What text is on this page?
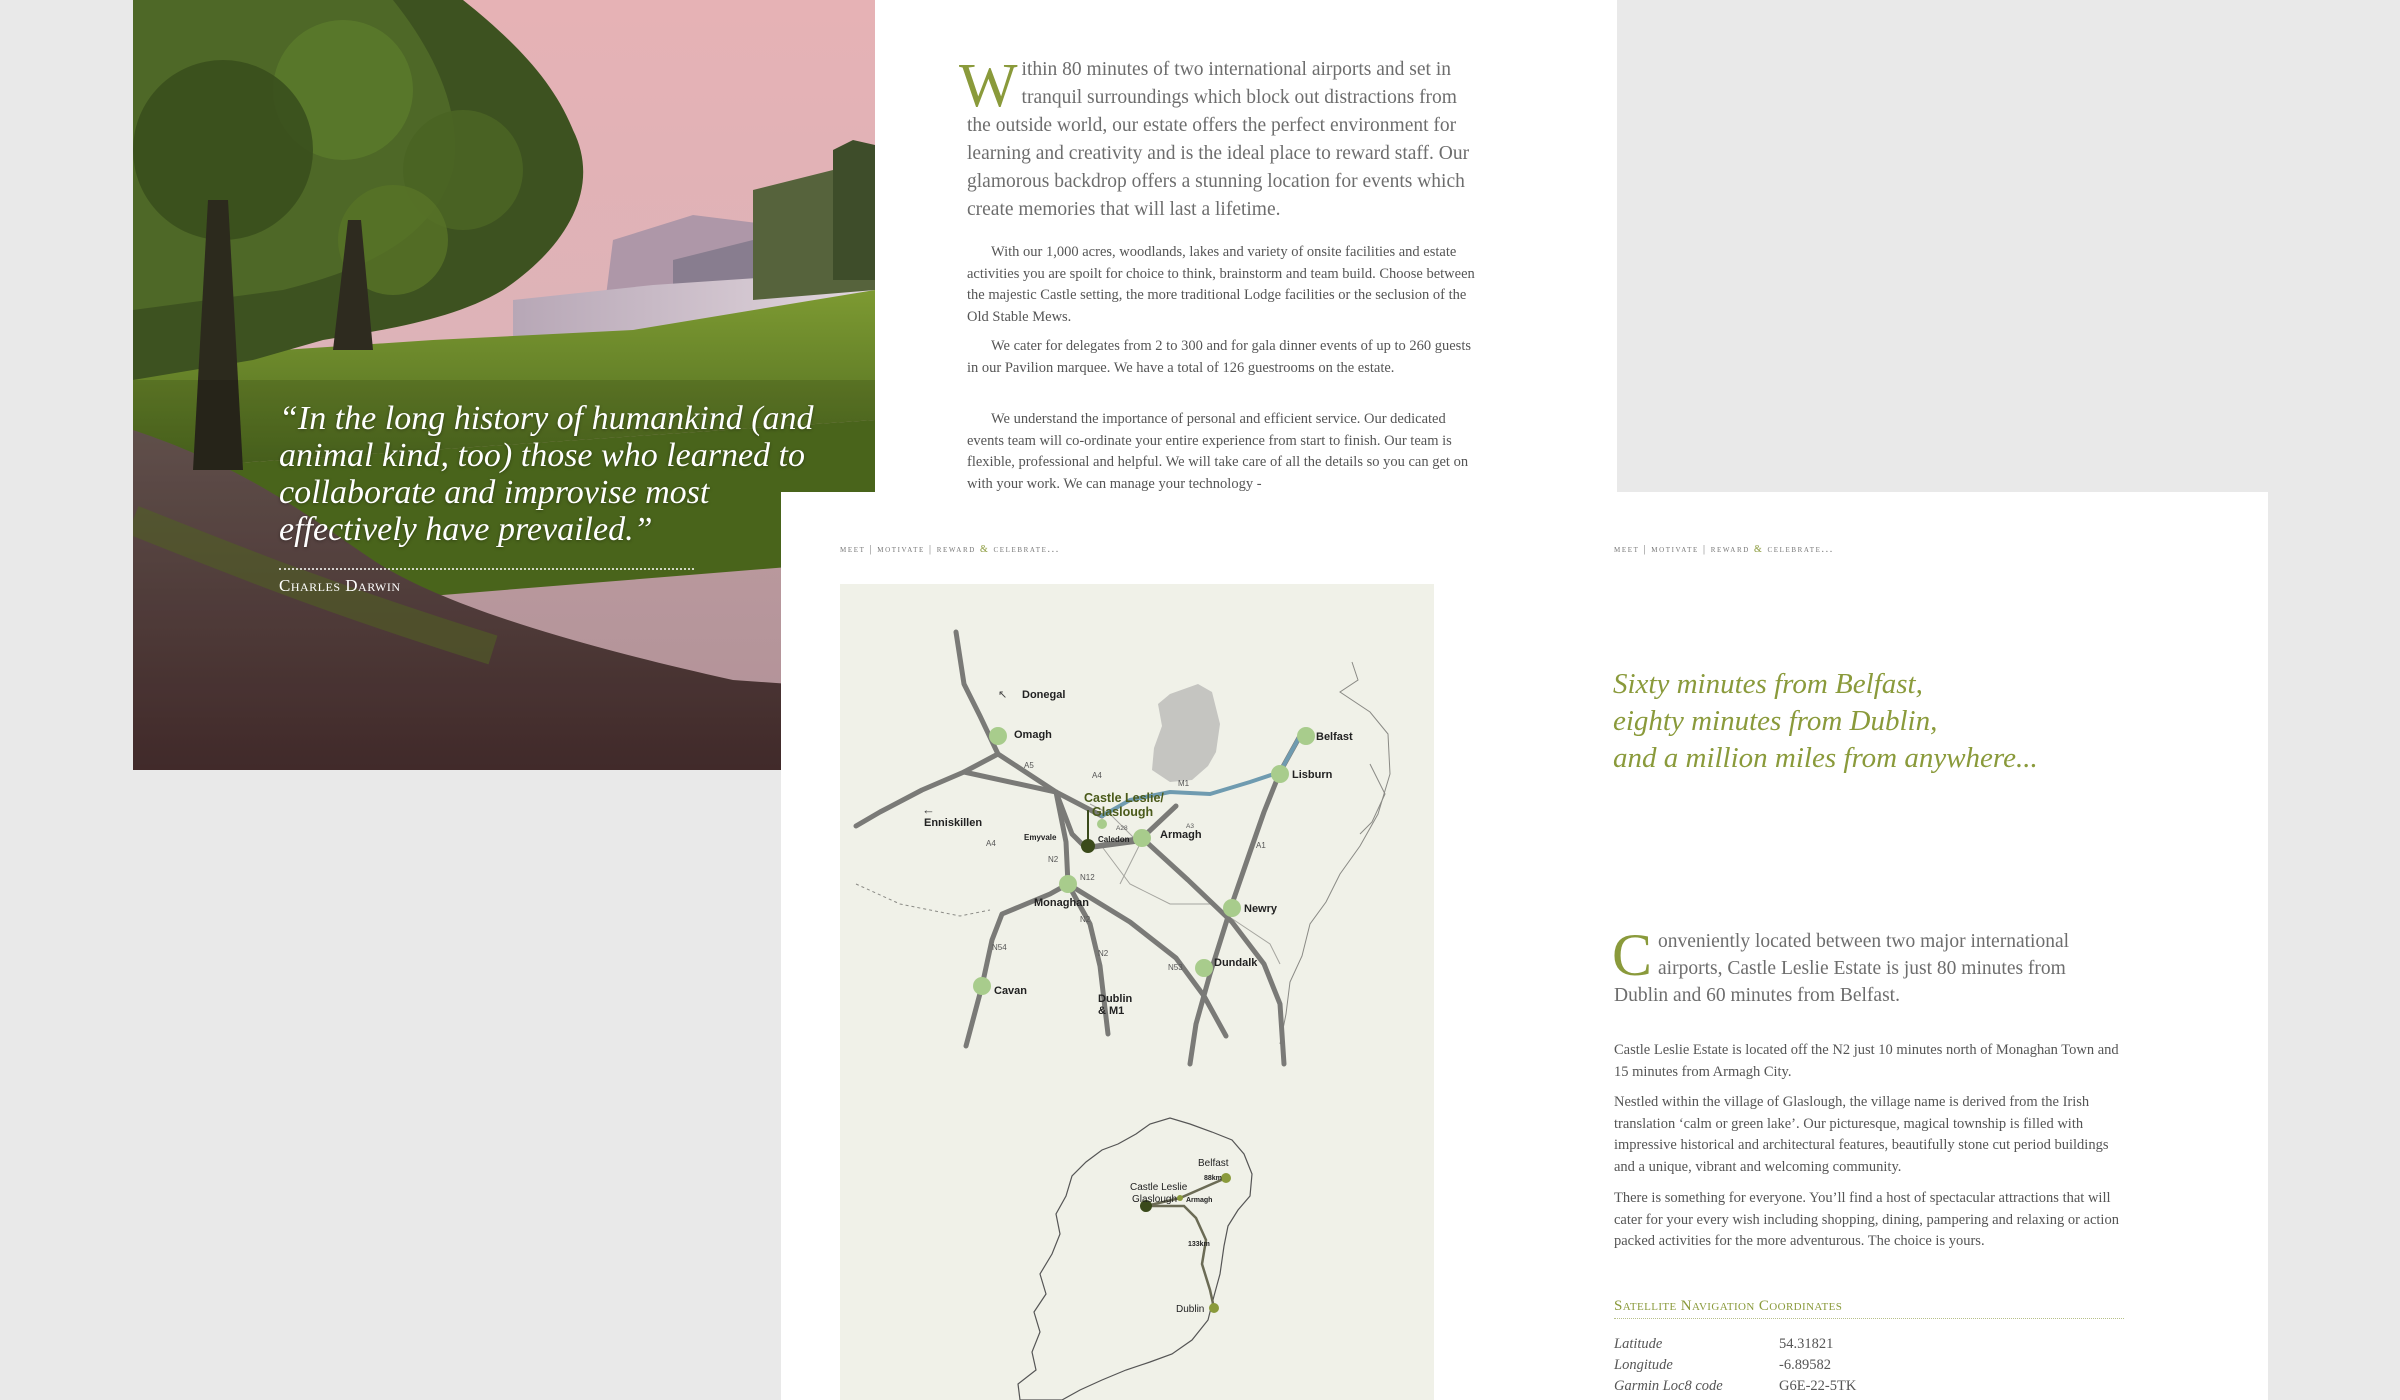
“In the long history of humankind (and animal kind, too) those who learned to collaborate and improvise most effectively have prevailed.”
Charles Darwin
Within 80 minutes of two international airports and set in tranquil surroundings which block out distractions from the outside world, our estate offers the perfect environment for learning and creativity and is the ideal place to reward staff. Our glamorous backdrop offers a stunning location for events which create memories that will last a lifetime.

With our 1,000 acres, woodlands, lakes and variety of onsite facilities and estate activities you are spoilt for choice to think, brainstorm and team build. Choose between the majestic Castle setting, the more traditional Lodge facilities or the seclusion of the Old Stable Mews.

We cater for delegates from 2 to 300 and for gala dinner events of up to 260 guests in our Pavilion marquee. We have a total of 126 guestrooms on the estate.

We understand the importance of personal and efficient service. Our dedicated events team will co-ordinate your entire experience from start to finish. Our team is flexible, professional and helpful. We will take care of all the details so you can get on with your work. We can manage your technology -

meet | motivate | reward & celebrate...	meet | motivate | reward & celebrate...
Donegal
Omagh
Enniskillen
Emyvale	Caledon	Armagh
Monaghan
Cavan
Dublin
& M1
Newry
Dundalk
Belfast
Lisburn
Castle Leslie/
Glaslough
↖
←
A5
A4
A4
M1
A28	A3
A1
N2
N12
N2
N54
N2
N53
Belfast
88km
Armagh
Castle Leslie
Glaslough
133km
Dublin
Sixty minutes from Belfast,
eighty minutes from Dublin,
and a million miles from anywhere...
Conveniently located between two major international airports, Castle Leslie Estate is just 80 minutes from Dublin and 60 minutes from Belfast.

Castle Leslie Estate is located off the N2 just 10 minutes north of Monaghan Town and 15 minutes from Armagh City.

Nestled within the village of Glaslough, the village name is derived from the Irish translation ‘calm or green lake’. Our picturesque, magical township is filled with impressive historical and architectural features, beautifully stone cut period buildings and a unique, vibrant and welcoming community.

There is something for everyone. You’ll find a host of spectacular attractions that will cater for your every wish including shopping, dining, pampering and relaxing or action packed activities for the more adventurous. The choice is yours.

Satellite Navigation Coordinates
Latitude	54.31821
Longitude	-6.89582
Garmin Loc8 code	G6E-22-5TK
